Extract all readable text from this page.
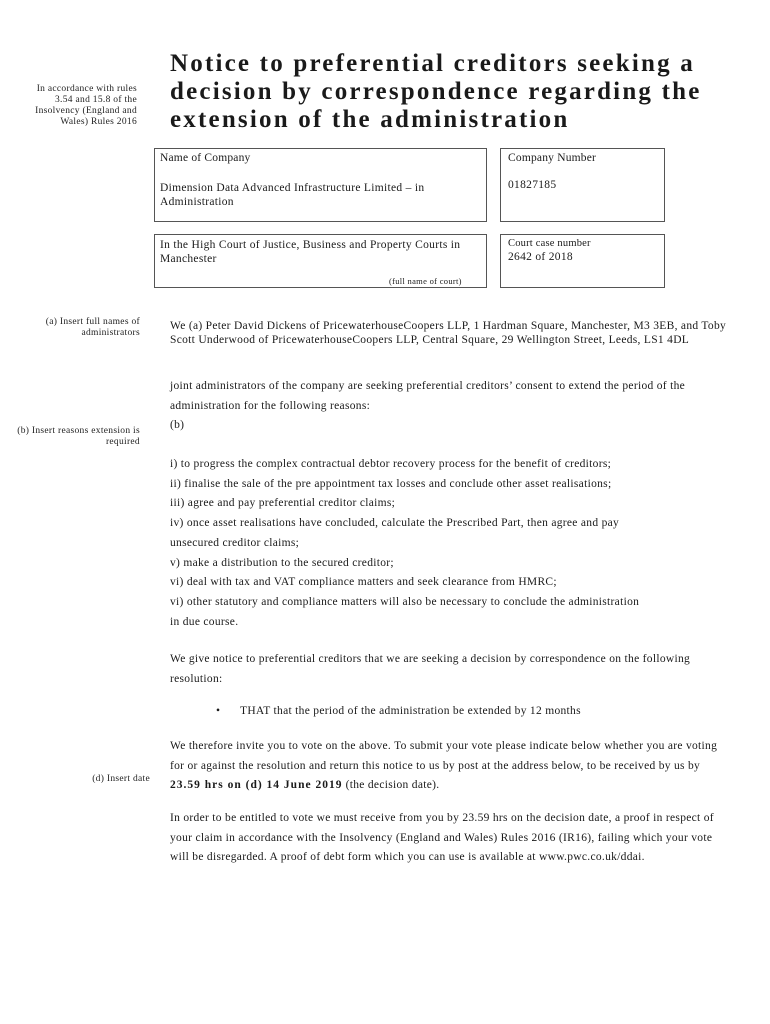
In accordance with rules 3.54 and 15.8 of the Insolvency (England and Wales) Rules 2016
(a) Insert full names of administrators
(b) Insert reasons extension is required
(d) Insert date
Notice to preferential creditors seeking a decision by correspondence regarding the extension of the administration
Name of Company
Dimension Data Advanced Infrastructure Limited – in Administration
Company Number
01827185
In the High Court of Justice, Business and Property Courts in Manchester
(full name of court)
Court case number
2642 of 2018
We (a) Peter David Dickens of PricewaterhouseCoopers LLP, 1 Hardman Square, Manchester, M3 3EB, and Toby Scott Underwood of PricewaterhouseCoopers LLP, Central Square, 29 Wellington Street, Leeds, LS1 4DL
joint administrators of the company are seeking preferential creditors’ consent to extend the period of the administration for the following reasons:
(b)
i) to progress the complex contractual debtor recovery process for the benefit of creditors;
ii) finalise the sale of the pre appointment tax losses and conclude other asset realisations;
iii) agree and pay preferential creditor claims;
iv) once asset realisations have concluded, calculate the Prescribed Part, then agree and pay
unsecured creditor claims;
v) make a distribution to the secured creditor;
vi) deal with tax and VAT compliance matters and seek clearance from HMRC;
vi) other statutory and compliance matters will also be necessary to conclude the administration
in due course.
We give notice to preferential creditors that we are seeking a decision by correspondence on the following resolution:
• THAT that the period of the administration be extended by 12 months
We therefore invite you to vote on the above. To submit your vote please indicate below whether you are voting for or against the resolution and return this notice to us by post at the address below, to be received by us by 23.59 hrs on (d) 14 June 2019 (the decision date).
In order to be entitled to vote we must receive from you by 23.59 hrs on the decision date, a proof in respect of your claim in accordance with the Insolvency (England and Wales) Rules 2016 (IR16), failing which your vote will be disregarded. A proof of debt form which you can use is available at www.pwc.co.uk/ddai.
